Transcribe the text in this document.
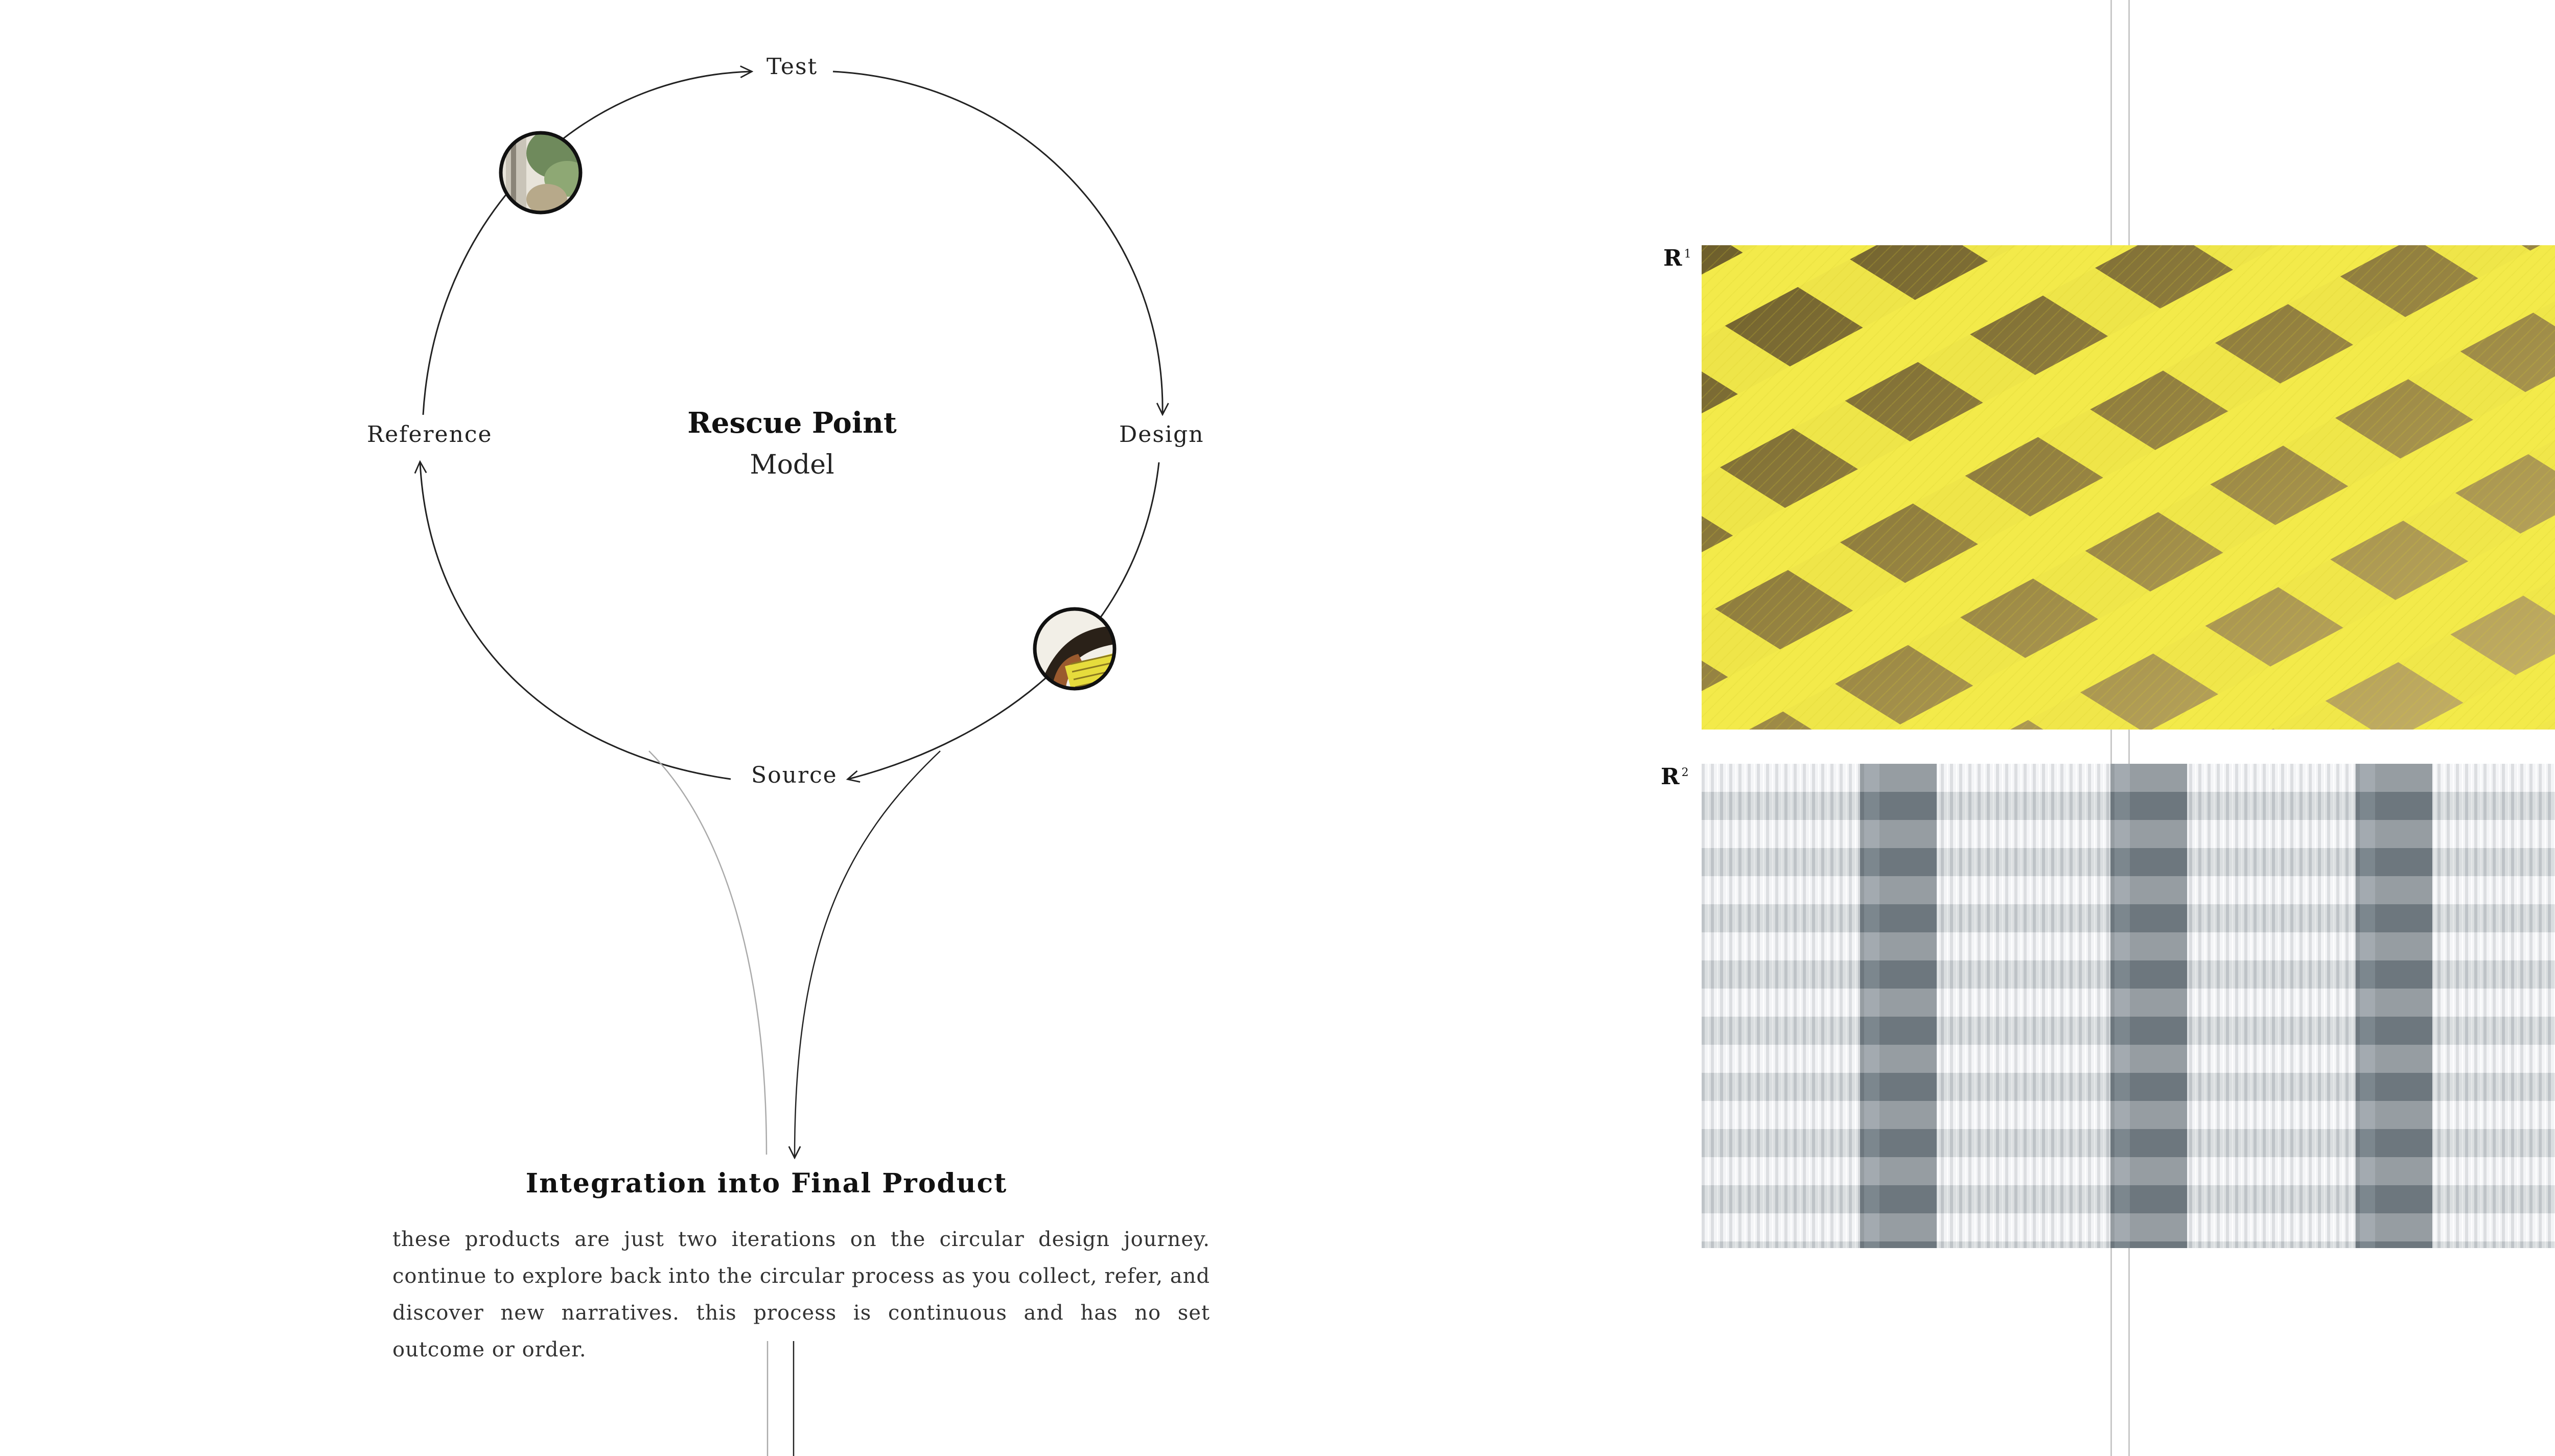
Test
Design
Source
Reference	Rescue Point
Model
Integration into Final Product
these products are just two iterations on the circular design journey. continue to explore back into the circular process as you collect, refer, and discover new narratives. this process is continuous and has no set outcome or order.
R $^1$
R $^2$
